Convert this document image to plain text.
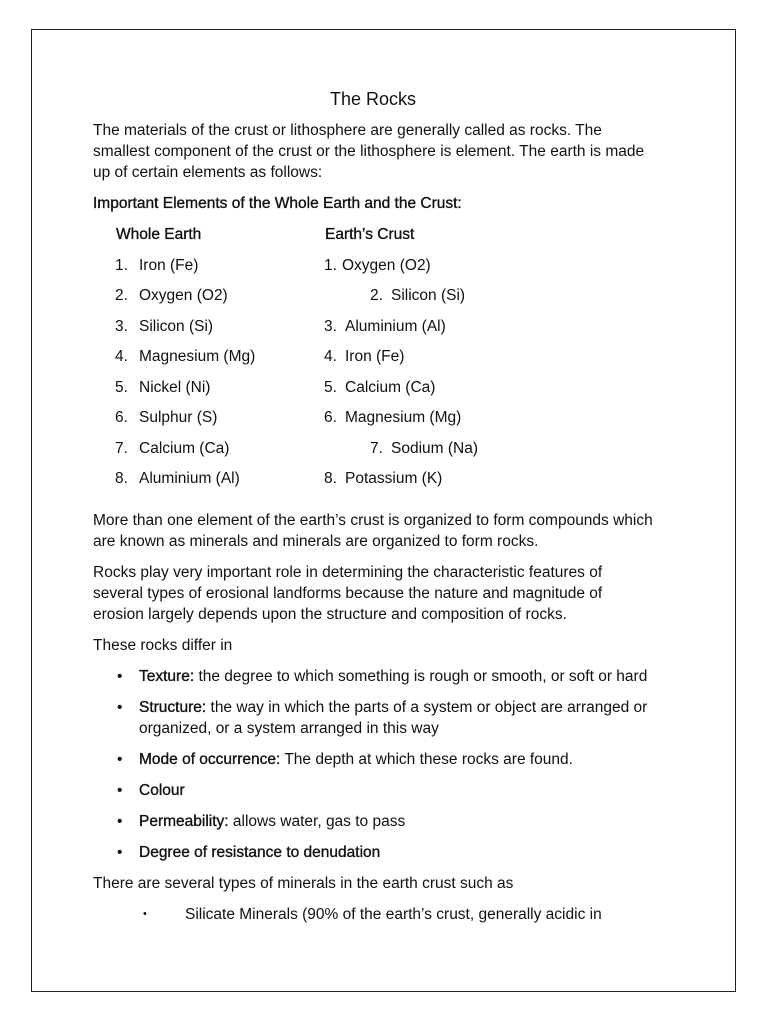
The Rocks

The materials of the crust or lithosphere are generally called as rocks. The smallest component of the crust or the lithosphere is element. The earth is made up of certain elements as follows:

Important Elements of the Whole Earth and the Crust:
Whole Earth	Earth’s Crust
1. Iron (Fe)
2. Oxygen (O2)
3. Silicon (Si)
4. Magnesium (Mg)
5. Nickel (Ni)
6. Sulphur (S)
7. Calcium (Ca)
8. Aluminium (Al)
1. Oxygen (O2)
2. Silicon (Si)
3. Aluminium (Al)
4. Iron (Fe)
5. Calcium (Ca)
6. Magnesium (Mg)
7. Sodium (Na)
8. Potassium (K)

More than one element of the earth’s crust is organized to form compounds which are known as minerals and minerals are organized to form rocks.

Rocks play very important role in determining the characteristic features of several types of erosional landforms because the nature and magnitude of erosion largely depends upon the structure and composition of rocks.

These rocks differ in

• Texture: the degree to which something is rough or smooth, or soft or hard
• Structure: the way in which the parts of a system or object are arranged or organized, or a system arranged in this way
• Mode of occurrence: The depth at which these rocks are found.
• Colour
• Permeability: allows water, gas to pass
• Degree of resistance to denudation

There are several types of minerals in the earth crust such as

• Silicate Minerals (90% of the earth’s crust, generally acidic in
